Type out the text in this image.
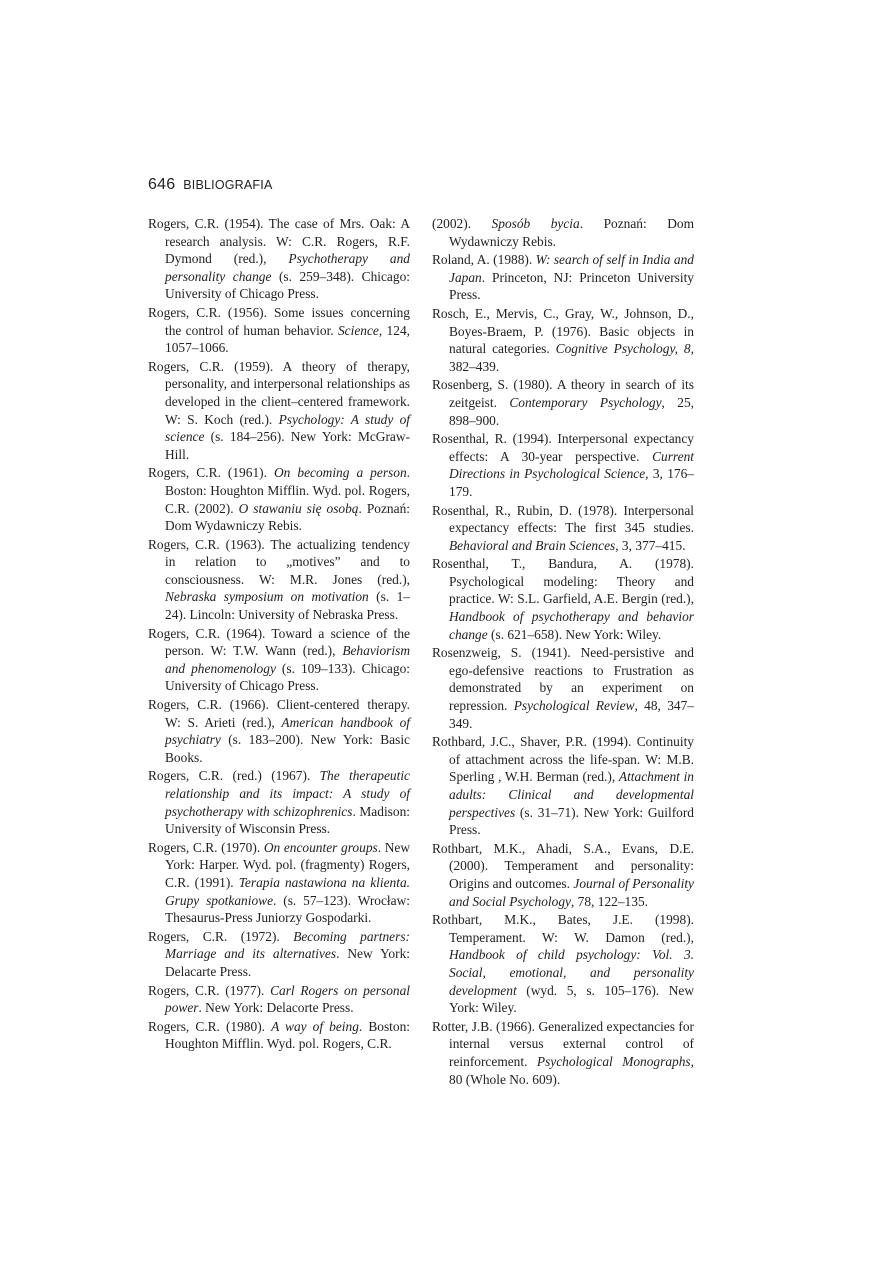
646 BIBLIOGRAFIA

Rogers, C.R. (1954). The case of Mrs. Oak: A research analysis. W: C.R. Rogers, R.F. Dymond (red.), Psychotherapy and personality change (s. 259–348). Chicago: University of Chicago Press.

Rogers, C.R. (1956). Some issues concerning the control of human behavior. Science, 124, 1057–1066.

Rogers, C.R. (1959). A theory of therapy, personality, and interpersonal relationships as developed in the client–centered framework. W: S. Koch (red.). Psychology: A study of science (s. 184–256). New York: McGraw-Hill.

Rogers, C.R. (1961). On becoming a person. Boston: Houghton Mifflin. Wyd. pol. Rogers, C.R. (2002). O stawaniu się osobą. Poznań: Dom Wydawniczy Rebis.

Rogers, C.R. (1963). The actualizing tendency in relation to „motives” and to consciousness. W: M.R. Jones (red.), Nebraska symposium on motivation (s. 1–24). Lincoln: University of Nebraska Press.

Rogers, C.R. (1964). Toward a science of the person. W: T.W. Wann (red.), Behaviorism and phenomenology (s. 109–133). Chicago: University of Chicago Press.

Rogers, C.R. (1966). Client-centered therapy. W: S. Arieti (red.), American handbook of psychiatry (s. 183–200). New York: Basic Books.

Rogers, C.R. (red.) (1967). The therapeutic relationship and its impact: A study of psychotherapy with schizophrenics. Madison: University of Wisconsin Press.

Rogers, C.R. (1970). On encounter groups. New York: Harper. Wyd. pol. (fragmenty) Rogers, C.R. (1991). Terapia nastawiona na klienta. Grupy spotkaniowe. (s. 57–123). Wrocław: Thesaurus-Press Juniorzy Gospodarki.

Rogers, C.R. (1972). Becoming partners: Marriage and its alternatives. New York: Delacarte Press.

Rogers, C.R. (1977). Carl Rogers on personal power. New York: Delacorte Press.

Rogers, C.R. (1980). A way of being. Boston: Houghton Mifflin. Wyd. pol. Rogers, C.R.

(2002). Sposób bycia. Poznań: Dom Wydawniczy Rebis.

Roland, A. (1988). W: search of self in India and Japan. Princeton, NJ: Princeton University Press.

Rosch, E., Mervis, C., Gray, W., Johnson, D., Boyes-Braem, P. (1976). Basic objects in natural categories. Cognitive Psychology, 8, 382–439.

Rosenberg, S. (1980). A theory in search of its zeitgeist. Contemporary Psychology, 25, 898–900.

Rosenthal, R. (1994). Interpersonal expectancy effects: A 30-year perspective. Current Directions in Psychological Science, 3, 176–179.

Rosenthal, R., Rubin, D. (1978). Interpersonal expectancy effects: The first 345 studies. Behavioral and Brain Sciences, 3, 377–415.

Rosenthal, T., Bandura, A. (1978). Psychological modeling: Theory and practice. W: S.L. Garfield, A.E. Bergin (red.), Handbook of psychotherapy and behavior change (s. 621–658). New York: Wiley.

Rosenzweig, S. (1941). Need-persistive and ego-defensive reactions to Frustration as demonstrated by an experiment on repression. Psychological Review, 48, 347–349.

Rothbard, J.C., Shaver, P.R. (1994). Continuity of attachment across the life-span. W: M.B. Sperling , W.H. Berman (red.), Attachment in adults: Clinical and developmental perspectives (s. 31–71). New York: Guilford Press.

Rothbart, M.K., Ahadi, S.A., Evans, D.E. (2000). Temperament and personality: Origins and outcomes. Journal of Personality and Social Psychology, 78, 122–135.

Rothbart, M.K., Bates, J.E. (1998). Temperament. W: W. Damon (red.), Handbook of child psychology: Vol. 3. Social, emotional, and personality development (wyd. 5, s. 105–176). New York: Wiley.

Rotter, J.B. (1966). Generalized expectancies for internal versus external control of reinforcement. Psychological Monographs, 80 (Whole No. 609).
